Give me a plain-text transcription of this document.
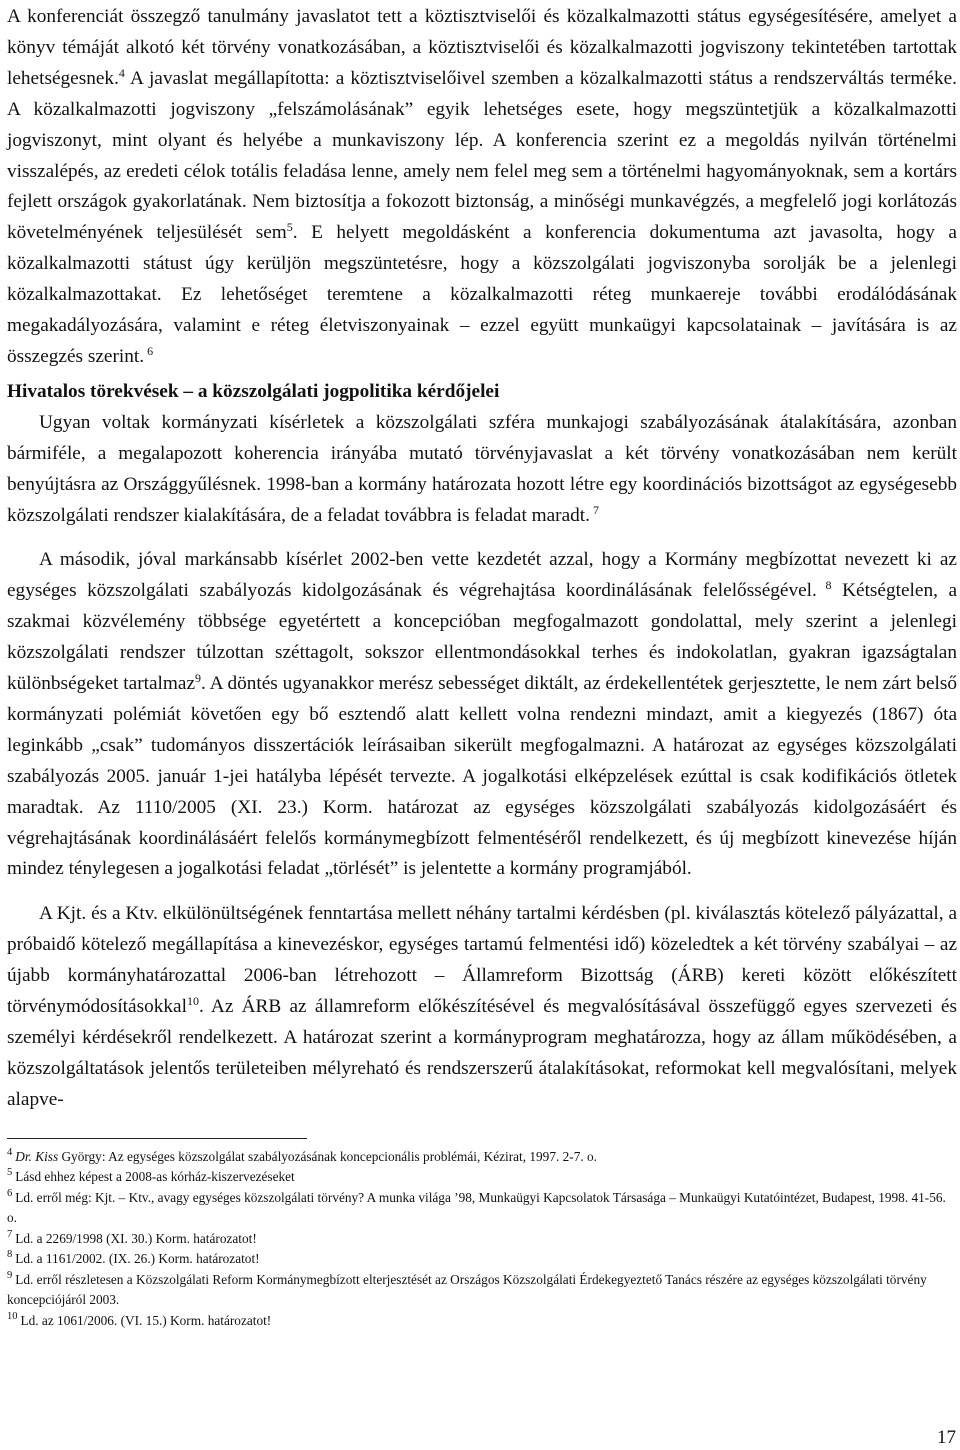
A konferenciát összegző tanulmány javaslatot tett a köztisztviselői és közalkalmazotti státus egységesítésére, amelyet a könyv témáját alkotó két törvény vonatkozásában, a köztisztviselői és közalkalmazotti jogviszony tekintetében tartottak lehetségesnek.$^4$ A javaslat megállapította: a köztisztviselőivel szemben a közalkalmazotti státus a rendszerváltás terméke. A közalkalmazotti jogviszony „felszámolásának” egyik lehetséges esete, hogy megszüntetjük a közalkalmazotti jogviszonyt, mint olyant és helyébe a munkaviszony lép. A konferencia szerint ez a megoldás nyilván történelmi visszalépés, az eredeti célok totális feladása lenne, amely nem felel meg sem a történelmi hagyományoknak, sem a kortárs fejlett országok gyakorlatának. Nem biztosítja a fokozott biztonság, a minőségi munkavégzés, a megfelelő jogi korlátozás követelményének teljesülését sem$^5$. E helyett megoldásként a konferencia dokumentuma azt javasolta, hogy a közalkalmazotti státust úgy kerüljön megszüntetésre, hogy a közszolgálati jogviszonyba sorolják be a jelenlegi közalkalmazottakat. Ez lehetőséget teremtene a közalkalmazotti réteg munkaereje további erodálódásának megakadályozására, valamint e réteg életviszonyainak – ezzel együtt munkaügyi kapcsolatainak – javítására is az összegzés szerint. $^6$

Hivatalos törekvések – a közszolgálati jogpolitika kérdőjelei

Ugyan voltak kormányzati kísérletek a közszolgálati szféra munkajogi szabályozásának átalakítására, azonban bármiféle, a megalapozott koherencia irányába mutató törvényjavaslat a két törvény vonatkozásában nem került benyújtásra az Országgyűlésnek. 1998-ban a kormány határozata hozott létre egy koordinációs bizottságot az egységesebb közszolgálati rendszer kialakítására, de a feladat továbbra is feladat maradt. $^7$

A második, jóval markánsabb kísérlet 2002-ben vette kezdetét azzal, hogy a Kormány megbízottat nevezett ki az egységes közszolgálati szabályozás kidolgozásának és végrehajtása koordinálásának felelősségével. $^8$ Kétségtelen, a szakmai közvélemény többsége egyetértett a koncepcióban megfogalmazott gondolattal, mely szerint a jelenlegi közszolgálati rendszer túlzottan széttagolt, sokszor ellentmondásokkal terhes és indokolatlan, gyakran igazságtalan különbségeket tartalmaz$^9$. A döntés ugyanakkor merész sebességet diktált, az érdekellentétek gerjesztette, le nem zárt belső kormányzati polémiát követően egy bő esztendő alatt kellett volna rendezni mindazt, amit a kiegyezés (1867) óta leginkább „csak” tudományos disszertációk leírásaiban sikerült megfogalmazni. A határozat az egységes közszolgálati szabályozás 2005. január 1-jei hatályba lépését tervezte. A jogalkotási elképzelések ezúttal is csak kodifikációs ötletek maradtak. Az 1110/2005 (XI. 23.) Korm. határozat az egységes közszolgálati szabályozás kidolgozásáért és végrehajtásának koordinálásáért felelős kormánymegbízott felmentéséről rendelkezett, és új megbízott kinevezése híján mindez ténylegesen a jogalkotási feladat „törlését” is jelentette a kormány programjából.

A Kjt. és a Ktv. elkülönültségének fenntartása mellett néhány tartalmi kérdésben (pl. kiválasztás kötelező pályázattal, a próbaidő kötelező megállapítása a kinevezéskor, egységes tartamú felmentési idő) közeledtek a két törvény szabályai – az újabb kormányhatározattal 2006-ban létrehozott – Államreform Bizottság (ÁRB) kereti között előkészített törvénymódosításokkal$^{10}$. Az ÁRB az államreform előkészítésével és megvalósításával összefüggő egyes szervezeti és személyi kérdésekről rendelkezett. A határozat szerint a kormányprogram meghatározza, hogy az állam működésében, a közszolgáltatások jelentős területeiben mélyreható és rendszerszerű átalakításokat, reformokat kell megvalósítani, melyek alapve-

$^4$ Dr. Kiss György: Az egységes közszolgálat szabályozásának koncepcionális problémái, Kézirat, 1997. 2-7. o.

$^5$ Lásd ehhez képest a 2008-as kórház-kiszervezéseket

$^6$ Ld. erről még: Kjt. – Ktv., avagy egységes közszolgálati törvény? A munka világa ’98, Munkaügyi Kapcsolatok Társasága – Munkaügyi Kutatóintézet, Budapest, 1998. 41-56. o.

$^7$ Ld. a 2269/1998 (XI. 30.) Korm. határozatot!

$^8$ Ld. a 1161/2002. (IX. 26.) Korm. határozatot!

$^9$ Ld. erről részletesen a Közszolgálati Reform Kormánymegbízott elterjesztését az Országos Közszolgálati Érdekegyeztető Tanács részére az egységes közszolgálati törvény koncepciójáról 2003.

$^{10}$ Ld. az 1061/2006. (VI. 15.) Korm. határozatot!

17
